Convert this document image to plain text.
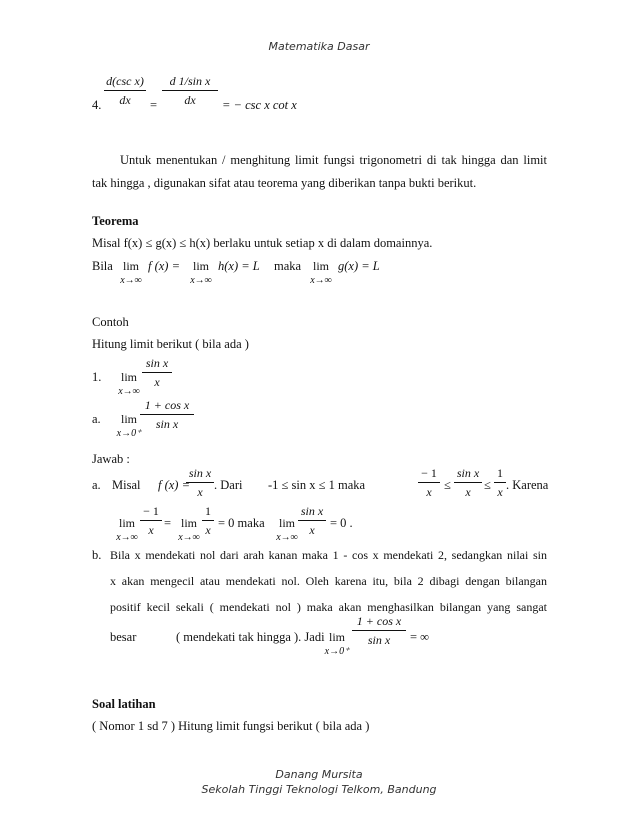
Matematika Dasar
4.
d(csc x)
dx	=
d 1/sin x
dx	= − csc x cot x
Untuk menentukan / menghitung limit fungsi trigonometri di tak hingga dan limit
tak hingga , digunakan sifat atau teorema yang diberikan tanpa bukti berikut.
Teorema
Misal f(x) ≤ g(x) ≤ h(x) berlaku untuk setiap x di dalam domainnya.
Bila lim
x→∞
f (x) =	lim
x→∞
h(x) = L maka lim
x→∞
g(x) = L
Contoh
Hitung limit berikut ( bila ada )
1.	lim
x→∞
sin x
x
a.	lim
x→0⁺
1 + cos x
sin x
Jawab :
a. Misal f (x) =
sin x
x . Dari -1 ≤ sin x ≤ 1 maka
− 1
x ≤
sin x
x	≤
1
x . Karena
lim
x→∞
− 1
x = lim
x→∞
1
x = 0 maka	lim
x→∞
sin x
x	= 0 .
b. Bila x mendekati nol dari arah kanan maka 1 - cos x mendekati 2, sedangkan nilai sin
x akan mengecil atau mendekati nol. Oleh karena itu, bila 2 dibagi dengan bilangan
positif kecil sekali ( mendekati nol ) maka akan menghasilkan bilangan yang sangat
besar	( mendekati tak hingga ). Jadi lim
x→0⁺
1 + cos x
sin x	= ∞
Soal latihan
( Nomor 1 sd 7 ) Hitung limit fungsi berikut ( bila ada )
Danang Mursita
Sekolah Tinggi Teknologi Telkom, Bandung
